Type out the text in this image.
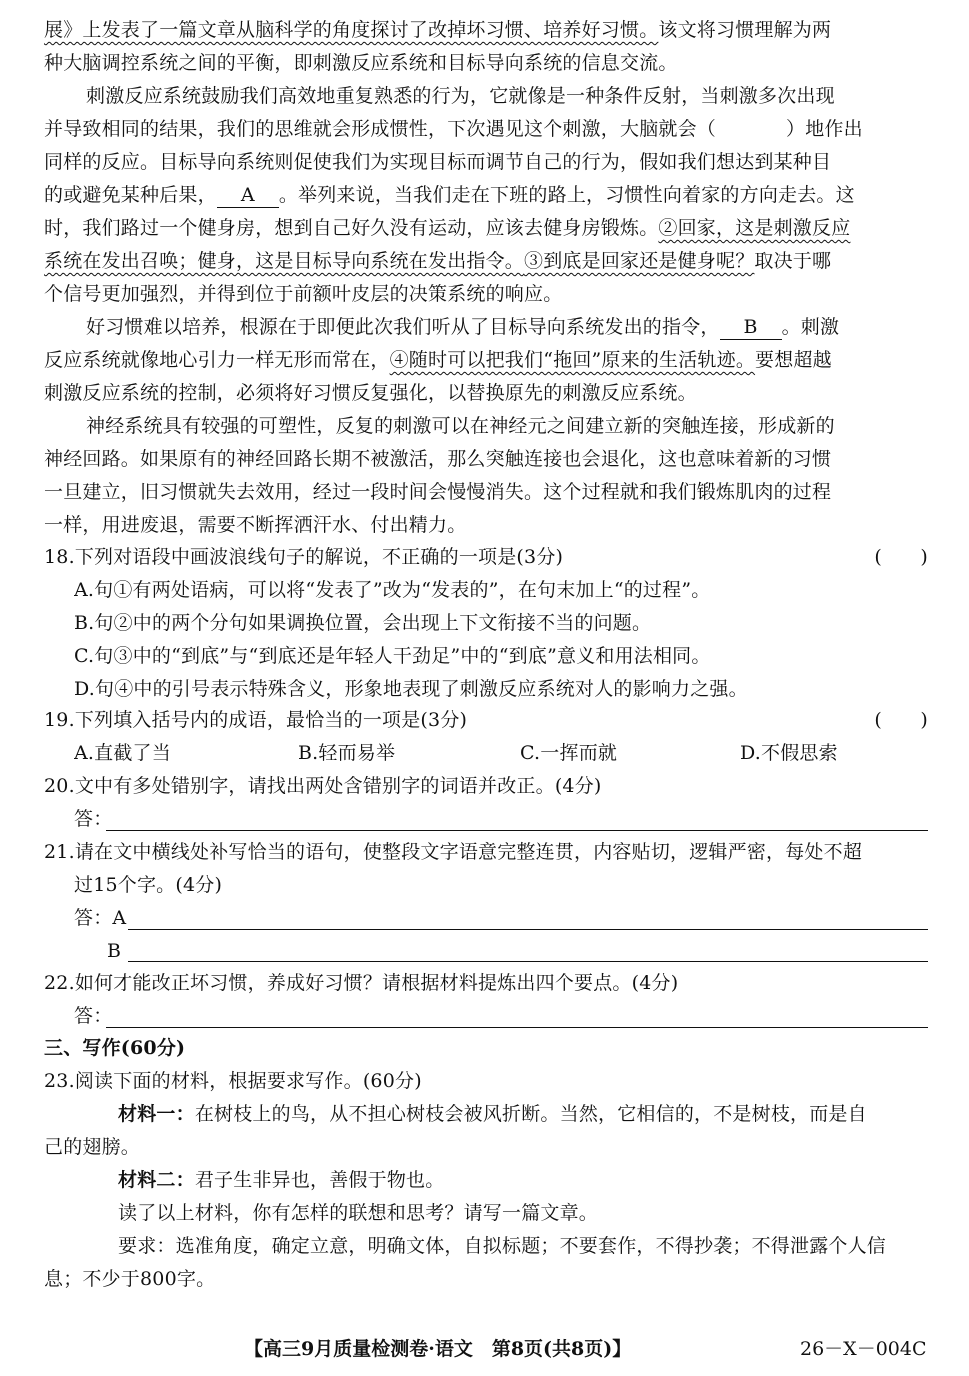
展》上发表了一篇文章从脑科学的角度探讨了改掉坏习惯、培养好习惯。该文将习惯理解为两
种大脑调控系统之间的平衡，即刺激反应系统和目标导向系统的信息交流。
刺激反应系统鼓励我们高效地重复熟悉的行为，它就像是一种条件反射，当刺激多次出现
并导致相同的结果，我们的思维就会形成惯性，下次遇见这个刺激，大脑就会（	）地作出
同样的反应。目标导向系统则促使我们为实现目标而调节自己的行为，假如我们想达到某种目
的或避免某种后果， A 。举列来说，当我们走在下班的路上，习惯性向着家的方向走去。这
时，我们路过一个健身房，想到自己好久没有运动，应该去健身房锻炼。②回家，这是刺激反应
系统在发出召唤；健身，这是目标导向系统在发出指令。③到底是回家还是健身呢？取决于哪
个信号更加强烈，并得到位于前额叶皮层的决策系统的响应。
好习惯难以培养，根源在于即便此次我们听从了目标导向系统发出的指令， B 。刺激
反应系统就像地心引力一样无形而常在，④随时可以把我们“拖回”原来的生活轨迹。要想超越
刺激反应系统的控制，必须将好习惯反复强化，以替换原先的刺激反应系统。
神经系统具有较强的可塑性，反复的刺激可以在神经元之间建立新的突触连接，形成新的
神经回路。如果原有的神经回路长期不被激活，那么突触连接也会退化，这也意味着新的习惯
一旦建立，旧习惯就失去效用，经过一段时间会慢慢消失。这个过程就和我们锻炼肌肉的过程
一样，用进废退，需要不断挥洒汗水、付出精力。
18.下列对语段中画波浪线句子的解说，不正确的一项是(3分)	(　　)
A.句①有两处语病，可以将“发表了”改为“发表的”，在句末加上“的过程”。
B.句②中的两个分句如果调换位置，会出现上下文衔接不当的问题。
C.句③中的“到底”与“到底还是年轻人干劲足”中的“到底”意义和用法相同。
D.句④中的引号表示特殊含义，形象地表现了刺激反应系统对人的影响力之强。
19.下列填入括号内的成语，最恰当的一项是(3分)	(　　)
A.直截了当	B.轻而易举	C.一挥而就	D.不假思索
20.文中有多处错别字，请找出两处含错别字的词语并改正。(4分)
答：
21.请在文中横线处补写恰当的语句，使整段文字语意完整连贯，内容贴切，逻辑严密，每处不超
过15个字。(4分)
答：A
B
22.如何才能改正坏习惯，养成好习惯？请根据材料提炼出四个要点。(4分)
答：
三、写作(60分)
23.阅读下面的材料，根据要求写作。(60分)
材料一：在树枝上的鸟，从不担心树枝会被风折断。当然，它相信的，不是树枝，而是自
己的翅膀。
材料二：君子生非异也，善假于物也。
读了以上材料，你有怎样的联想和思考？请写一篇文章。
要求：选准角度，确定立意，明确文体，自拟标题；不要套作，不得抄袭；不得泄露个人信
息；不少于800字。
【高三9月质量检测卷·语文　第8页(共8页)】	26－X－004C
